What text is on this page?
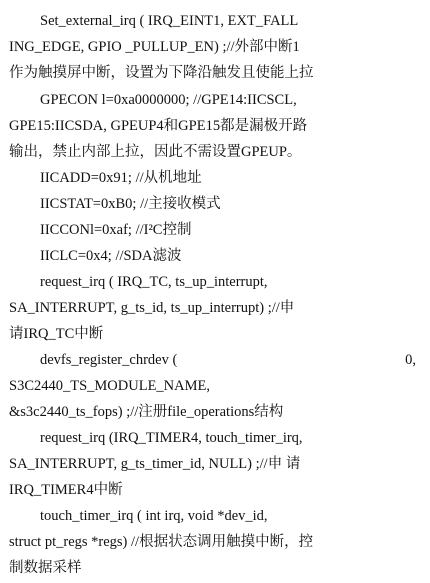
Set_external_irq ( IRQ_EINT1, EXT_FALL
ING_EDGE, GPIO _PULLUP_EN) ;//外部中断1
作为触摸屏中断，设置为下降沿触发且使能上拉
GPECON l=0xa0000000; //GPE14:IICSCL,
GPE15:IICSDA, GPEUP4和GPE15都是漏极开路
输出，禁止内部上拉，因此不需设置GPEUP。
IICADD=0x91; //从机地址
IICSTAT=0xB0; //主接收模式
IICCONl=0xaf; //I²C控制
IICLC=0x4; //SDA滤波
request_irq ( IRQ_TC, ts_up_interrupt,
SA_INTERRUPT, g_ts_id, ts_up_interrupt) ;//申
请IRQ_TC中断
devfs_register_chrdev (	0,
S3C2440_TS_MODULE_NAME,
&s3c2440_ts_fops) ;//注册file_operations结构
request_irq (IRQ_TIMER4, touch_timer_irq,
SA_INTERRUPT, g_ts_timer_id, NULL) ;//申 请
IRQ_TIMER4中断
touch_timer_irq ( int irq, void *dev_id,
struct pt_regs *regs) //根据状态调用触摸中断，控
制数据采样
